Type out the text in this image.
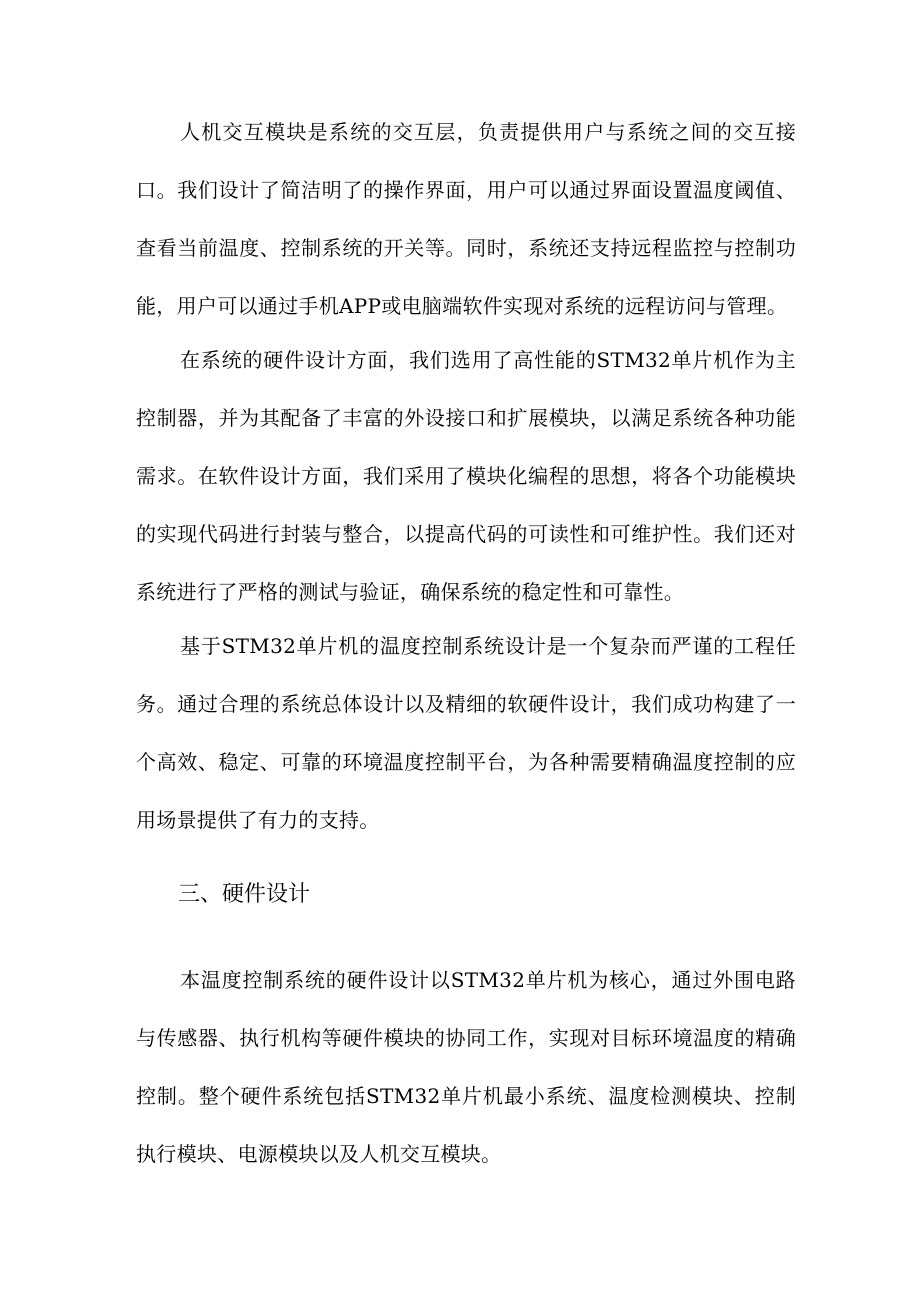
人机交互模块是系统的交互层，负责提供用户与系统之间的交互接口。我们设计了简洁明了的操作界面，用户可以通过界面设置温度阈值、查看当前温度、控制系统的开关等。同时，系统还支持远程监控与控制功能，用户可以通过手机APP或电脑端软件实现对系统的远程访问与管理。

在系统的硬件设计方面，我们选用了高性能的STM32单片机作为主控制器，并为其配备了丰富的外设接口和扩展模块，以满足系统各种功能需求。在软件设计方面，我们采用了模块化编程的思想，将各个功能模块的实现代码进行封装与整合，以提高代码的可读性和可维护性。我们还对系统进行了严格的测试与验证，确保系统的稳定性和可靠性。

基于STM32单片机的温度控制系统设计是一个复杂而严谨的工程任务。通过合理的系统总体设计以及精细的软硬件设计，我们成功构建了一个高效、稳定、可靠的环境温度控制平台，为各种需要精确温度控制的应用场景提供了有力的支持。

三、硬件设计

本温度控制系统的硬件设计以STM32单片机为核心，通过外围电路与传感器、执行机构等硬件模块的协同工作，实现对目标环境温度的精确控制。整个硬件系统包括STM32单片机最小系统、温度检测模块、控制执行模块、电源模块以及人机交互模块。
